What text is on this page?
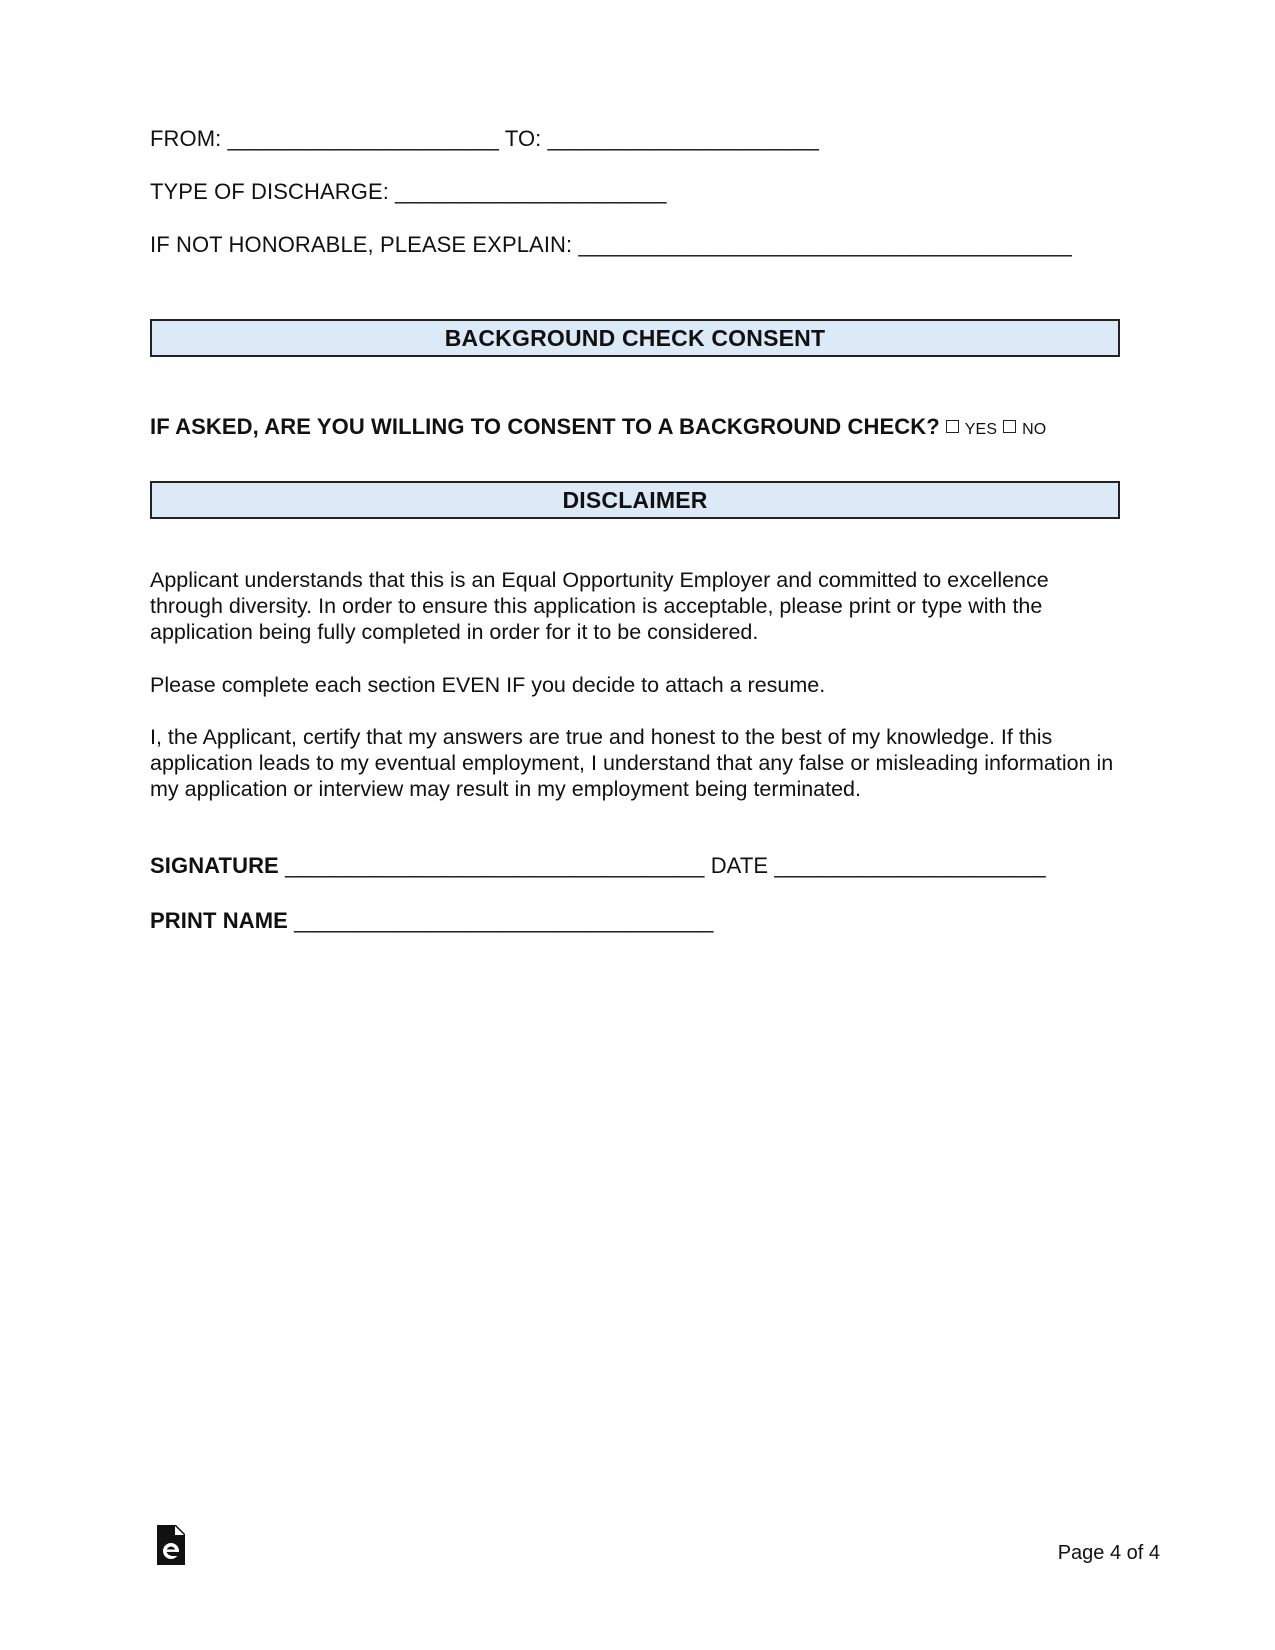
FROM: ______________________ TO: ______________________
TYPE OF DISCHARGE: ______________________
IF NOT HONORABLE, PLEASE EXPLAIN: ________________________________________
BACKGROUND CHECK CONSENT
IF ASKED, ARE YOU WILLING TO CONSENT TO A BACKGROUND CHECK? YES NO
DISCLAIMER
Applicant understands that this is an Equal Opportunity Employer and committed to excellence through diversity. In order to ensure this application is acceptable, please print or type with the application being fully completed in order for it to be considered.
Please complete each section EVEN IF you decide to attach a resume.
I, the Applicant, certify that my answers are true and honest to the best of my knowledge. If this application leads to my eventual employment, I understand that any false or misleading information in my application or interview may result in my employment being terminated.
SIGNATURE __________________________________ DATE ______________________
PRINT NAME __________________________________
Page 4 of 4
